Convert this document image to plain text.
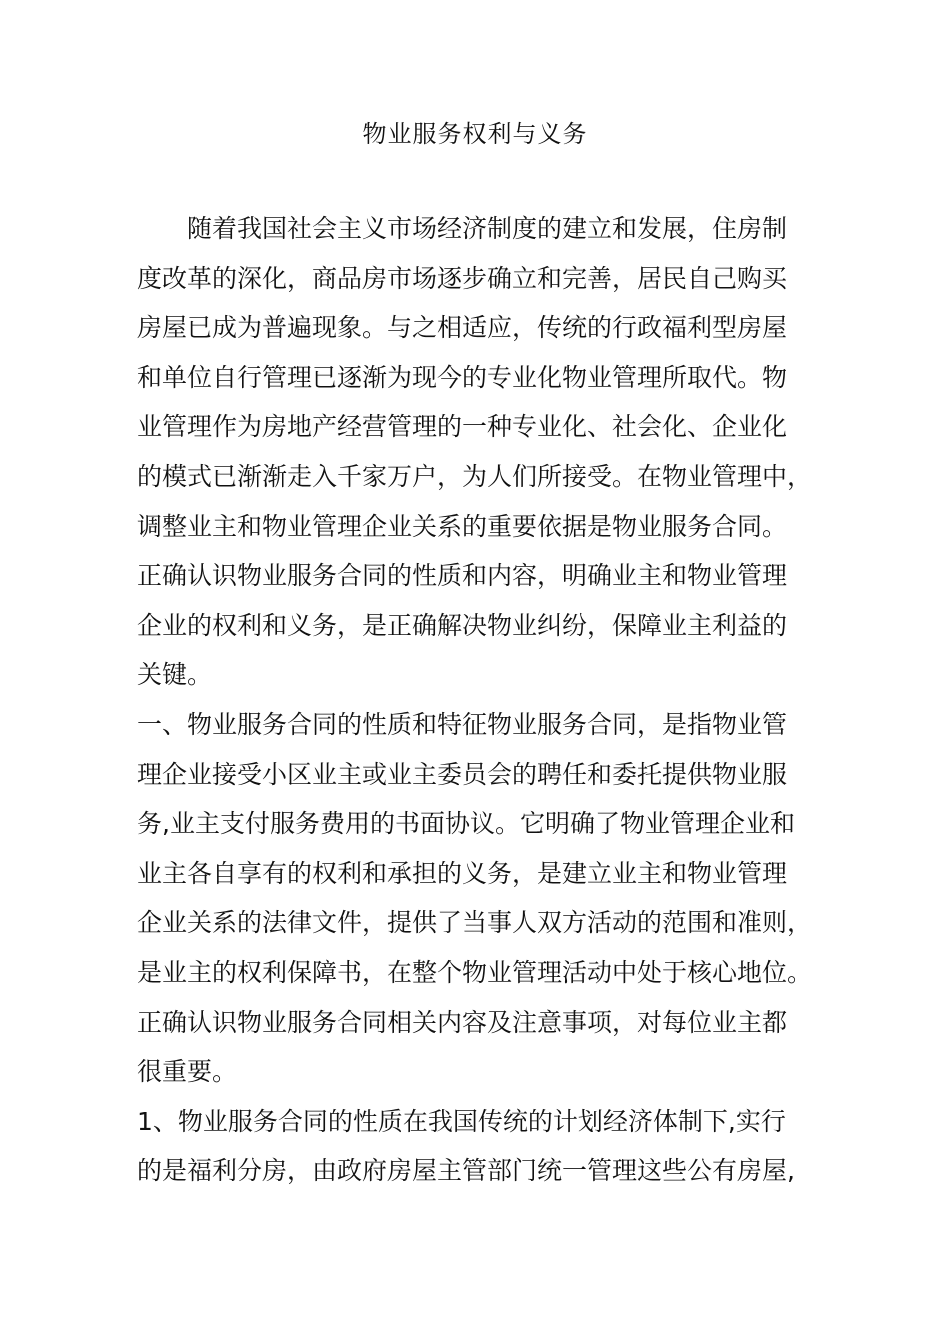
物业服务权利与义务

随着我国社会主义市场经济制度的建立和发展，住房制
度改革的深化，商品房市场逐步确立和完善，居民自己购买
房屋已成为普遍现象。与之相适应，传统的行政福利型房屋
和单位自行管理已逐渐为现今的专业化物业管理所取代。物
业管理作为房地产经营管理的一种专业化、社会化、企业化
的模式已渐渐走入千家万户，为人们所接受。在物业管理中，
调整业主和物业管理企业关系的重要依据是物业服务合同。
正确认识物业服务合同的性质和内容，明确业主和物业管理
企业的权利和义务，是正确解决物业纠纷，保障业主利益的
关键。

一、物业服务合同的性质和特征物业服务合同，是指物业管
理企业接受小区业主或业主委员会的聘任和委托提供物业服
务,业主支付服务费用的书面协议。它明确了物业管理企业和
业主各自享有的权利和承担的义务，是建立业主和物业管理
企业关系的法律文件，提供了当事人双方活动的范围和准则，
是业主的权利保障书，在整个物业管理活动中处于核心地位。
正确认识物业服务合同相关内容及注意事项，对每位业主都
很重要。

1、物业服务合同的性质在我国传统的计划经济体制下,实行
的是福利分房，由政府房屋主管部门统一管理这些公有房屋,
